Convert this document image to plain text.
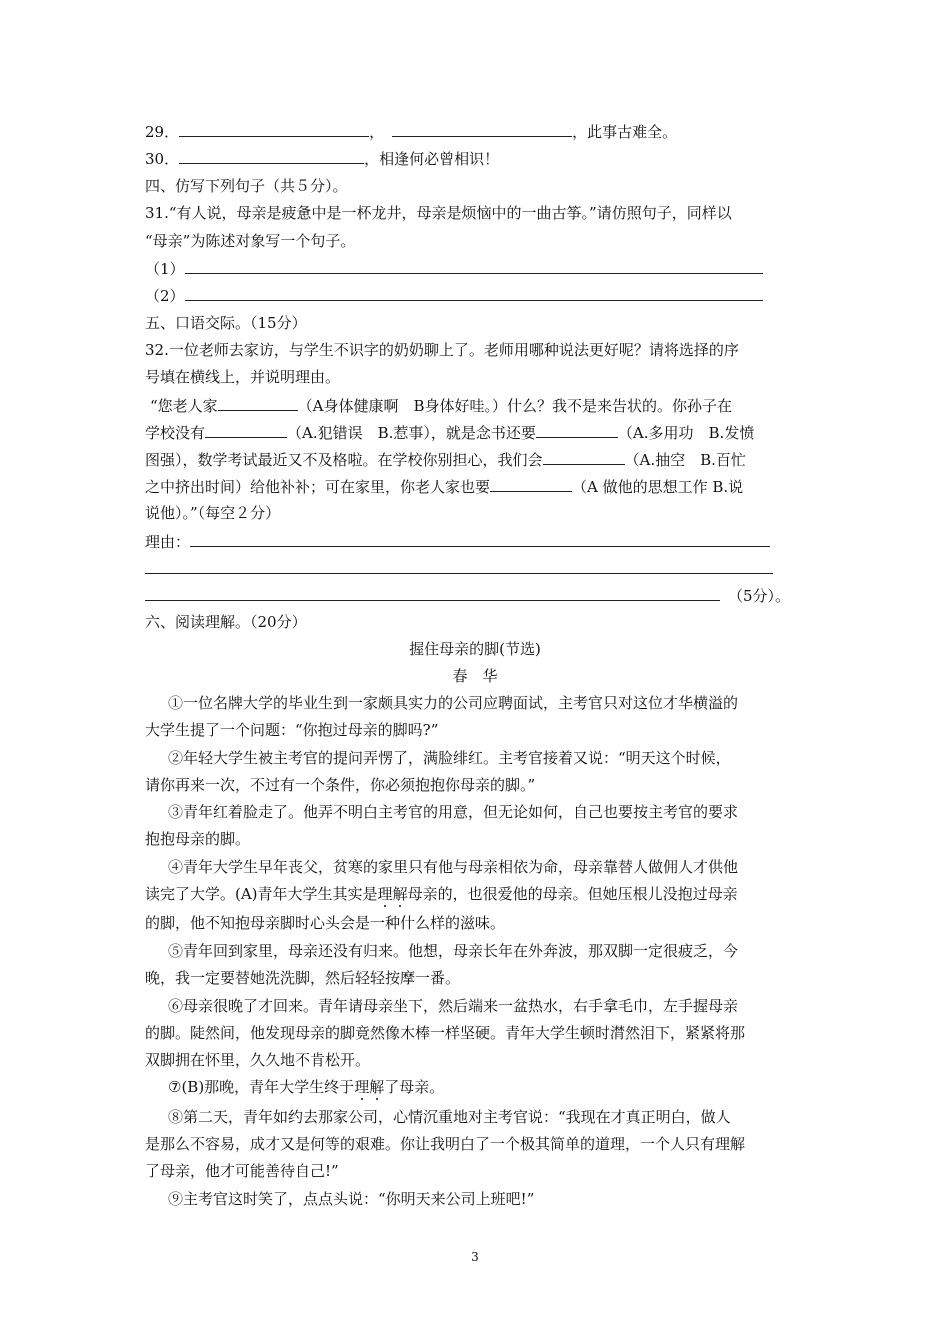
29．	，	，此事古难全。
30．	，相逢何必曾相识！
四、仿写下列句子（共５分）。
31.“有人说，母亲是疲惫中是一杯龙井，母亲是烦恼中的一曲古筝。”请仿照句子，同样以
“母亲”为陈述对象写一个句子。
（1）
（2）
五、口语交际。（15分）
32.一位老师去家访，与学生不识字的奶奶聊上了。老师用哪种说法更好呢？请将选择的序
号填在横线上，并说明理由。
“您老人家	（A身体健康啊　B身体好哇。）什么？我不是来告状的。你孙子在
学校没有	（A.犯错误　B.惹事），就是念书还要	（A.多用功　B.发愤
图强），数学考试最近又不及格啦。在学校你别担心，我们会	（A.抽空　B.百忙
之中挤出时间）给他补补；可在家里，你老人家也要	（A 做他的思想工作 B.说
说他）。”（每空２分）
理由：
（5分）。
六、阅读理解。（20分）
握住母亲的脚(节选)
春　华
①一位名牌大学的毕业生到一家颇具实力的公司应聘面试，主考官只对这位才华横溢的
大学生提了一个问题：“你抱过母亲的脚吗?”
②年轻大学生被主考官的提问弄愣了，满脸绯红。主考官接着又说：“明天这个时候，
请你再来一次，不过有一个条件，你必须抱抱你母亲的脚。”
③青年红着脸走了。他弄不明白主考官的用意，但无论如何，自己也要按主考官的要求
抱抱母亲的脚。
④青年大学生早年丧父，贫寒的家里只有他与母亲相依为命，母亲靠替人做佣人才供他
读完了大学。(A)青年大学生其实是理解母亲的，也很爱他的母亲。但她压根儿没抱过母亲
的脚，他不知抱母亲脚时心头会是一种什么样的滋味。
⑤青年回到家里，母亲还没有归来。他想，母亲长年在外奔波，那双脚一定很疲乏，今
晚，我一定要替她洗洗脚，然后轻轻按摩一番。
⑥母亲很晚了才回来。青年请母亲坐下，然后端来一盆热水，右手拿毛巾，左手握母亲
的脚。陡然间，他发现母亲的脚竟然像木棒一样坚硬。青年大学生顿时潸然泪下，紧紧将那
双脚拥在怀里，久久地不肯松开。
⑦(B)那晚，青年大学生终于理解了母亲。
⑧第二天，青年如约去那家公司，心情沉重地对主考官说：“我现在才真正明白，做人
是那么不容易，成才又是何等的艰难。你让我明白了一个极其简单的道理，一个人只有理解
了母亲，他才可能善待自己!”
⑨主考官这时笑了，点点头说：“你明天来公司上班吧!”
3
